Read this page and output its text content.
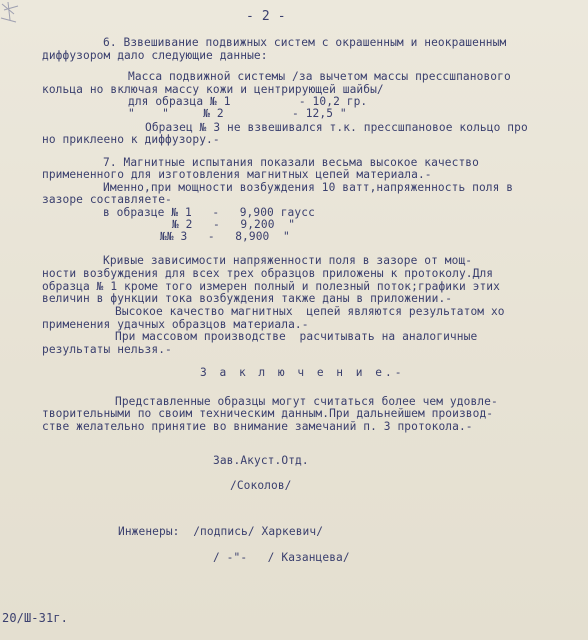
- 2 -
6. Взвешивание подвижных систем с окрашенным и неокрашенным
диффузором дало следующие данные:
Масса подвижной системы /за вычетом массы прессшпанового
кольца но включая массу кожи и центрирующей шайбы/
для образца № 1          - 10,2 гр.
"    "     № 2          - 12,5 "
Образец № 3 не взвешивался т.к. прессшпановое кольцо про
но приклеено к диффузору.-
7. Магнитные испытания показали весьма высокое качество
примененного для изготовления магнитных цепей материала.-
Именно,при мощности возбуждения 10 ватт,напряженность поля в
зазоре составляете-
в образце № 1   -   9,900 гаусс
№ 2   -   9,200  "
№№ 3   -   8,900  "
Кривые зависимости напряженности поля в зазоре от мощ-
ности возбуждения для всех трех образцов приложены к протоколу.Для
образца № 1 кроме того измерен полный и полезный поток;графики этих
величин в функции тока возбуждения также даны в приложении.-
Высокое качество магнитных  цепей являются результатом хо
применения удачных образцов материала.-
При массовом производстве  расчитывать на аналогичные
результаты нельзя.-
З а к л ю ч е н и е.-
Представленные образцы могут считаться более чем удовле-
творительными по своим техническим данным.При дальнейшем производ-
стве желательно принятие во внимание замечаний п. 3 протокола.-
Зав.Акуст.Отд.
/Соколов/
Инженеры:  /подпись/ Харкевич/
/ -"-   / Казанцева/
20/Ш-31г.
